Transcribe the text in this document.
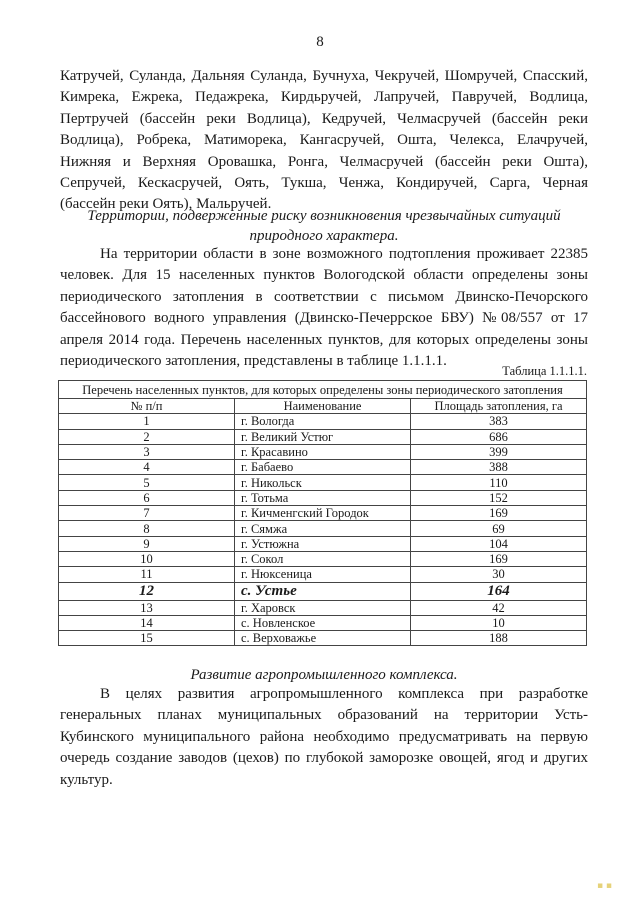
8

Катручей, Суланда, Дальняя Суланда, Бучнуха, Чекручей, Шомручей, Спасский, Кимрека, Ежрека, Педажрека, Кирдьручей, Лапручей, Павручей, Водлица, Пертручей (бассейн реки Водлица), Кедручей, Челмасручей (бассейн реки Водлица), Робрека, Матиморека, Кангасручей, Ошта, Челекса, Елачручей, Нижняя и Верхняя Оровашка, Ронга, Челмасручей (бассейн реки Ошта), Сепручей, Кескасручей, Оять, Тукша, Ченжа, Кондиручей, Сарга, Черная (бассейн реки Оять), Мальручей.

Территории, подверженные риску возникновения чрезвычайных ситуаций природного характера.

На территории области в зоне возможного подтопления проживает 22385 человек. Для 15 населенных пунктов Вологодской области определены зоны периодического затопления в соответствии с письмом Двинско-Печорского бассейнового водного управления (Двинско-Печеррское БВУ) №08/557 от 17 апреля 2014 года. Перечень населенных пунктов, для которых определены зоны периодического затопления, представлены в таблице 1.1.1.1.

Таблица 1.1.1.1.
Перечень населенных пунктов, для которых определены зоны периодического затопления		
№ п/п	Наименование	Площадь затопления, га
1	г. Вологда	383
2	г. Великий Устюг	686
3	г. Красавино	399
4	г. Бабаево	388
5	г. Никольск	110
6	г. Тотьма	152
7	г. Кичменгский Городок	169
8	г. Сямжа	69
9	г. Устюжна	104
10	г. Сокол	169
11	г. Нюксеница	30
12	с. Устье	164
13	г. Харовск	42
14	с. Новленское	10
15	с. Верховажье	188

Развитие агропромышленного комплекса.

В целях развития агропромышленного комплекса при разработке генеральных планах муниципальных образований на территории Усть-Кубинского муниципального района необходимо предусматривать на первую очередь создание заводов (цехов) по глубокой заморозке овощей, ягод и других культур.

▪ ▪
